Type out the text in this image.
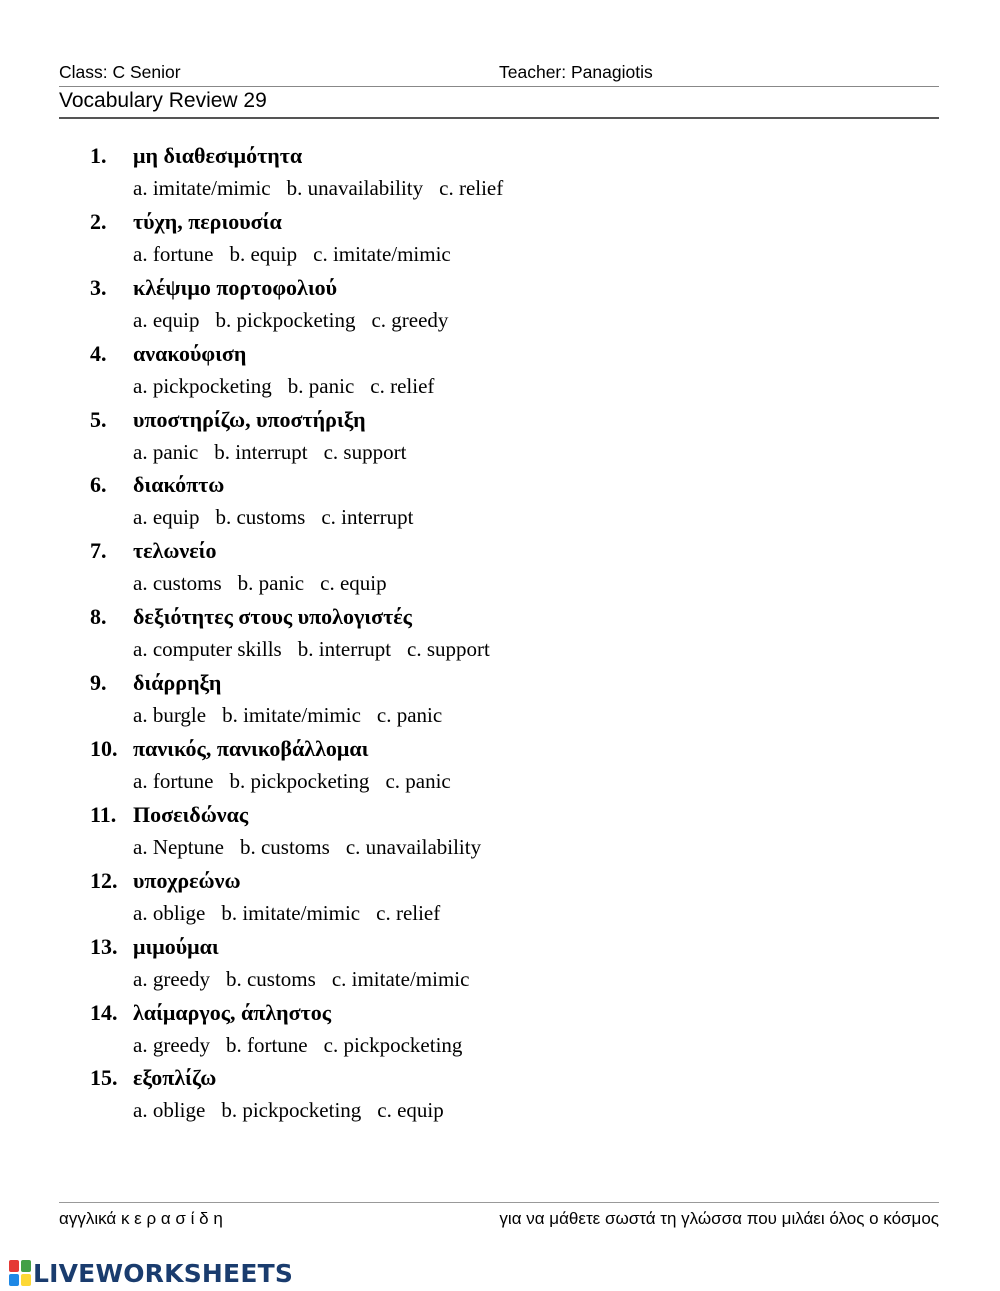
Class: C Senior	Teacher: Panagiotis
Vocabulary Review 29
1. μη διαθεσιμότητα
a. imitate/mimic b. unavailability c. relief
2. τύχη, περιουσία
a. fortune b. equip c. imitate/mimic
3. κλέψιμο πορτοφολιού
a. equip b. pickpocketing c. greedy
4. ανακούφιση
a. pickpocketing b. panic c. relief
5. υποστηρίζω, υποστήριξη
a. panic b. interrupt c. support
6. διακόπτω
a. equip b. customs c. interrupt
7. τελωνείο
a. customs b. panic c. equip
8. δεξιότητες στους υπολογιστές
a. computer skills b. interrupt c. support
9. διάρρηξη
a. burgle b. imitate/mimic c. panic
10. πανικός, πανικοβάλλομαι
a. fortune b. pickpocketing c. panic
11. Ποσειδώνας
a. Neptune b. customs c. unavailability
12. υποχρεώνω
a. oblige b. imitate/mimic c. relief
13. μιμούμαι
a. greedy b. customs c. imitate/mimic
14. λαίμαργος, άπληστος
a. greedy b. fortune c. pickpocketing
15. εξοπλίζω
a. oblige b. pickpocketing c. equip
αγγλικά κ ε ρ α σ ί δ η	για να μάθετε σωστά τη γλώσσα που μιλάει όλος ο κόσμος
LIVEWORKSHEETS
